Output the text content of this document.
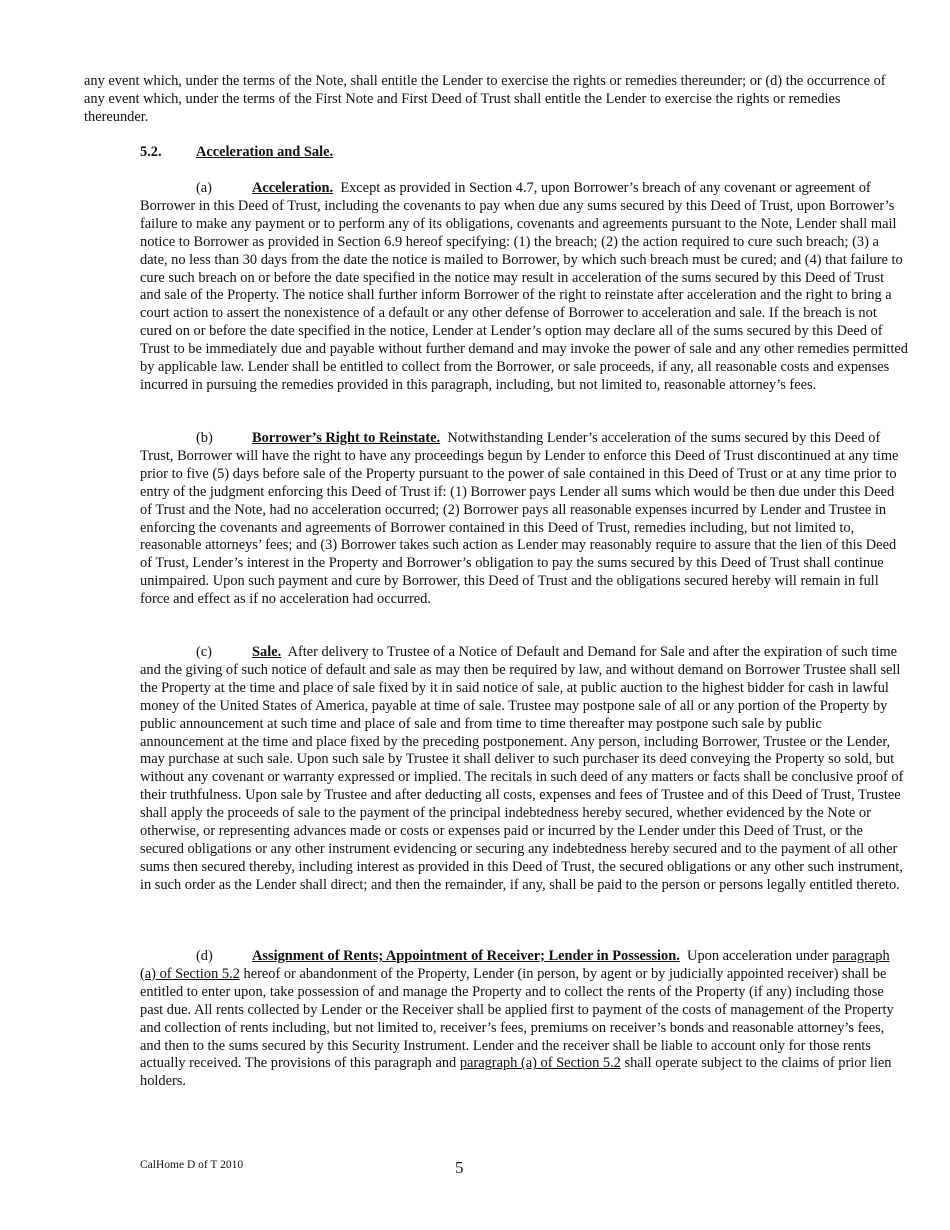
any event which, under the terms of the Note, shall entitle the Lender to exercise the rights or remedies thereunder; or (d) the occurrence of any event which, under the terms of the First Note and First Deed of Trust shall entitle the Lender to exercise the rights or remedies thereunder.

5.2. Acceleration and Sale.

(a)	Acceleration. Except as provided in Section 4.7, upon Borrower’s breach of any covenant or agreement of Borrower in this Deed of Trust, including the covenants to pay when due any sums secured by this Deed of Trust, upon Borrower’s failure to make any payment or to perform any of its obligations, covenants and agreements pursuant to the Note, Lender shall mail notice to Borrower as provided in Section 6.9 hereof specifying: (1) the breach; (2) the action required to cure such breach; (3) a date, no less than 30 days from the date the notice is mailed to Borrower, by which such breach must be cured; and (4) that failure to cure such breach on or before the date specified in the notice may result in acceleration of the sums secured by this Deed of Trust and sale of the Property. The notice shall further inform Borrower of the right to reinstate after acceleration and the right to bring a court action to assert the nonexistence of a default or any other defense of Borrower to acceleration and sale. If the breach is not cured on or before the date specified in the notice, Lender at Lender’s option may declare all of the sums secured by this Deed of Trust to be immediately due and payable without further demand and may invoke the power of sale and any other remedies permitted by applicable law. Lender shall be entitled to collect from the Borrower, or sale proceeds, if any, all reasonable costs and expenses incurred in pursuing the remedies provided in this paragraph, including, but not limited to, reasonable attorney’s fees.

(b)	Borrower’s Right to Reinstate. Notwithstanding Lender’s acceleration of the sums secured by this Deed of Trust, Borrower will have the right to have any proceedings begun by Lender to enforce this Deed of Trust discontinued at any time prior to five (5) days before sale of the Property pursuant to the power of sale contained in this Deed of Trust or at any time prior to entry of the judgment enforcing this Deed of Trust if: (1) Borrower pays Lender all sums which would be then due under this Deed of Trust and the Note, had no acceleration occurred; (2) Borrower pays all reasonable expenses incurred by Lender and Trustee in enforcing the covenants and agreements of Borrower contained in this Deed of Trust, remedies including, but not limited to, reasonable attorneys’ fees; and (3) Borrower takes such action as Lender may reasonably require to assure that the lien of this Deed of Trust, Lender’s interest in the Property and Borrower’s obligation to pay the sums secured by this Deed of Trust shall continue unimpaired. Upon such payment and cure by Borrower, this Deed of Trust and the obligations secured hereby will remain in full force and effect as if no acceleration had occurred.

(c)	Sale. After delivery to Trustee of a Notice of Default and Demand for Sale and after the expiration of such time and the giving of such notice of default and sale as may then be required by law, and without demand on Borrower Trustee shall sell the Property at the time and place of sale fixed by it in said notice of sale, at public auction to the highest bidder for cash in lawful money of the United States of America, payable at time of sale. Trustee may postpone sale of all or any portion of the Property by public announcement at such time and place of sale and from time to time thereafter may postpone such sale by public announcement at the time and place fixed by the preceding postponement. Any person, including Borrower, Trustee or the Lender, may purchase at such sale. Upon such sale by Trustee it shall deliver to such purchaser its deed conveying the Property so sold, but without any covenant or warranty expressed or implied. The recitals in such deed of any matters or facts shall be conclusive proof of their truthfulness. Upon sale by Trustee and after deducting all costs, expenses and fees of Trustee and of this Deed of Trust, Trustee shall apply the proceeds of sale to the payment of the principal indebtedness hereby secured, whether evidenced by the Note or otherwise, or representing advances made or costs or expenses paid or incurred by the Lender under this Deed of Trust, or the secured obligations or any other instrument evidencing or securing any indebtedness hereby secured and to the payment of all other sums then secured thereby, including interest as provided in this Deed of Trust, the secured obligations or any other such instrument, in such order as the Lender shall direct; and then the remainder, if any, shall be paid to the person or persons legally entitled thereto.

(d)	Assignment of Rents; Appointment of Receiver; Lender in Possession. Upon acceleration under paragraph (a) of Section 5.2 hereof or abandonment of the Property, Lender (in person, by agent or by judicially appointed receiver) shall be entitled to enter upon, take possession of and manage the Property and to collect the rents of the Property (if any) including those past due. All rents collected by Lender or the Receiver shall be applied first to payment of the costs of management of the Property and collection of rents including, but not limited to, receiver’s fees, premiums on receiver’s bonds and reasonable attorney’s fees, and then to the sums secured by this Security Instrument. Lender and the receiver shall be liable to account only for those rents actually received. The provisions of this paragraph and paragraph (a) of Section 5.2 shall operate subject to the claims of prior lien holders.

CalHome D of T 2010	5
